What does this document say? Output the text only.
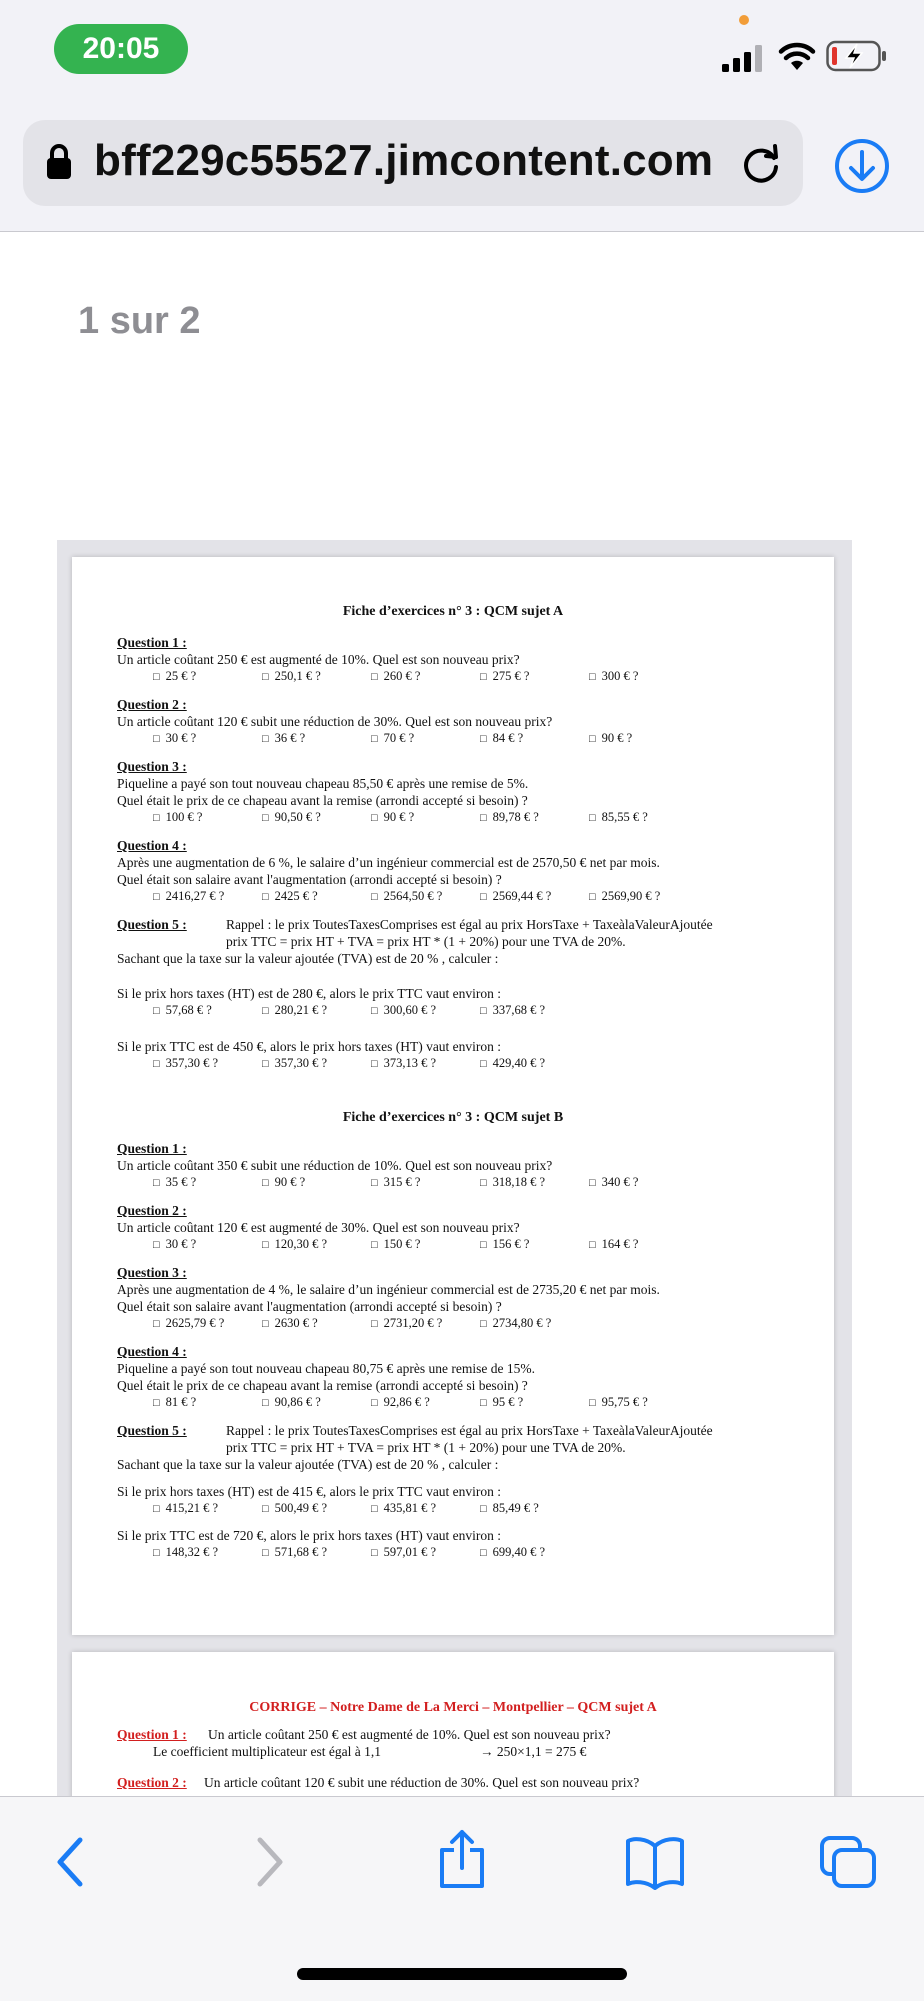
20:05
bff229c55527.jimcontent.com
1 sur 2
Fiche d’exercices n° 3 : QCM sujet A
Question 1 :
Un article coûtant 250 € est augmenté de 10%. Quel est son nouveau prix?
□ 25 € ?	□ 250,1 € ?	□ 260 € ?	□ 275 € ?	□ 300 € ?
Question 2 :
Un article coûtant 120 € subit une réduction de 30%. Quel est son nouveau prix?
□ 30 € ?	□ 36 € ?	□ 70 € ?	□ 84 € ?	□ 90 € ?
Question 3 :
Piqueline a payé son tout nouveau chapeau 85,50 € après une remise de 5%.
Quel était le prix de ce chapeau avant la remise (arrondi accepté si besoin) ?
□ 100 € ?	□ 90,50 € ?	□ 90 € ?	□ 89,78 € ?	□ 85,55 € ?
Question 4 :
Après une augmentation de 6 %, le salaire d’un ingénieur commercial est de 2570,50 € net par mois.
Quel était son salaire avant l'augmentation (arrondi accepté si besoin) ?
□ 2416,27 € ?	□ 2425 € ?	□ 2564,50 € ?	□ 2569,44 € ?	□ 2569,90 € ?
Question 5 :	Rappel : le prix ToutesTaxesComprises est égal au prix HorsTaxe + TaxeàlaValeurAjoutée
prix TTC = prix HT + TVA = prix HT * (1 + 20%) pour une TVA de 20%.
Sachant que la taxe sur la valeur ajoutée (TVA) est de 20 % , calculer :
Si le prix hors taxes (HT) est de 280 €, alors le prix TTC vaut environ :
□ 57,68 € ?	□ 280,21 € ?	□ 300,60 € ?	□ 337,68 € ?
Si le prix TTC est de 450 €, alors le prix hors taxes (HT) vaut environ :
□ 357,30 € ?	□ 357,30 € ?	□ 373,13 € ?	□ 429,40 € ?
Fiche d’exercices n° 3 : QCM sujet B
Question 1 :
Un article coûtant 350 € subit une réduction de 10%. Quel est son nouveau prix?
□ 35 € ?	□ 90 € ?	□ 315 € ?	□ 318,18 € ?	□ 340 € ?
Question 2 :
Un article coûtant 120 € est augmenté de 30%. Quel est son nouveau prix?
□ 30 € ?	□ 120,30 € ?	□ 150 € ?	□ 156 € ?	□ 164 € ?
Question 3 :
Après une augmentation de 4 %, le salaire d’un ingénieur commercial est de 2735,20 € net par mois.
Quel était son salaire avant l'augmentation (arrondi accepté si besoin) ?
□ 2625,79 € ?	□ 2630 € ?	□ 2731,20 € ?	□ 2734,80 € ?
Question 4 :
Piqueline a payé son tout nouveau chapeau 80,75 € après une remise de 15%.
Quel était le prix de ce chapeau avant la remise (arrondi accepté si besoin) ?
□ 81 € ?	□ 90,86 € ?	□ 92,86 € ?	□ 95 € ?	□ 95,75 € ?
Question 5 :	Rappel : le prix ToutesTaxesComprises est égal au prix HorsTaxe + TaxeàlaValeurAjoutée
prix TTC = prix HT + TVA = prix HT * (1 + 20%) pour une TVA de 20%.
Sachant que la taxe sur la valeur ajoutée (TVA) est de 20 % , calculer :
Si le prix hors taxes (HT) est de 415 €, alors le prix TTC vaut environ :
□ 415,21 € ?	□ 500,49 € ?	□ 435,81 € ?	□ 85,49 € ?
Si le prix TTC est de 720 €, alors le prix hors taxes (HT) vaut environ :
□ 148,32 € ?	□ 571,68 € ?	□ 597,01 € ?	□ 699,40 € ?
CORRIGE – Notre Dame de La Merci – Montpellier – QCM sujet A
Question 1 : Un article coûtant 250 € est augmenté de 10%. Quel est son nouveau prix?
Le coefficient multiplicateur est égal à 1,1	→ 250×1,1 = 275 €
Question 2 : Un article coûtant 120 € subit une réduction de 30%. Quel est son nouveau prix?
